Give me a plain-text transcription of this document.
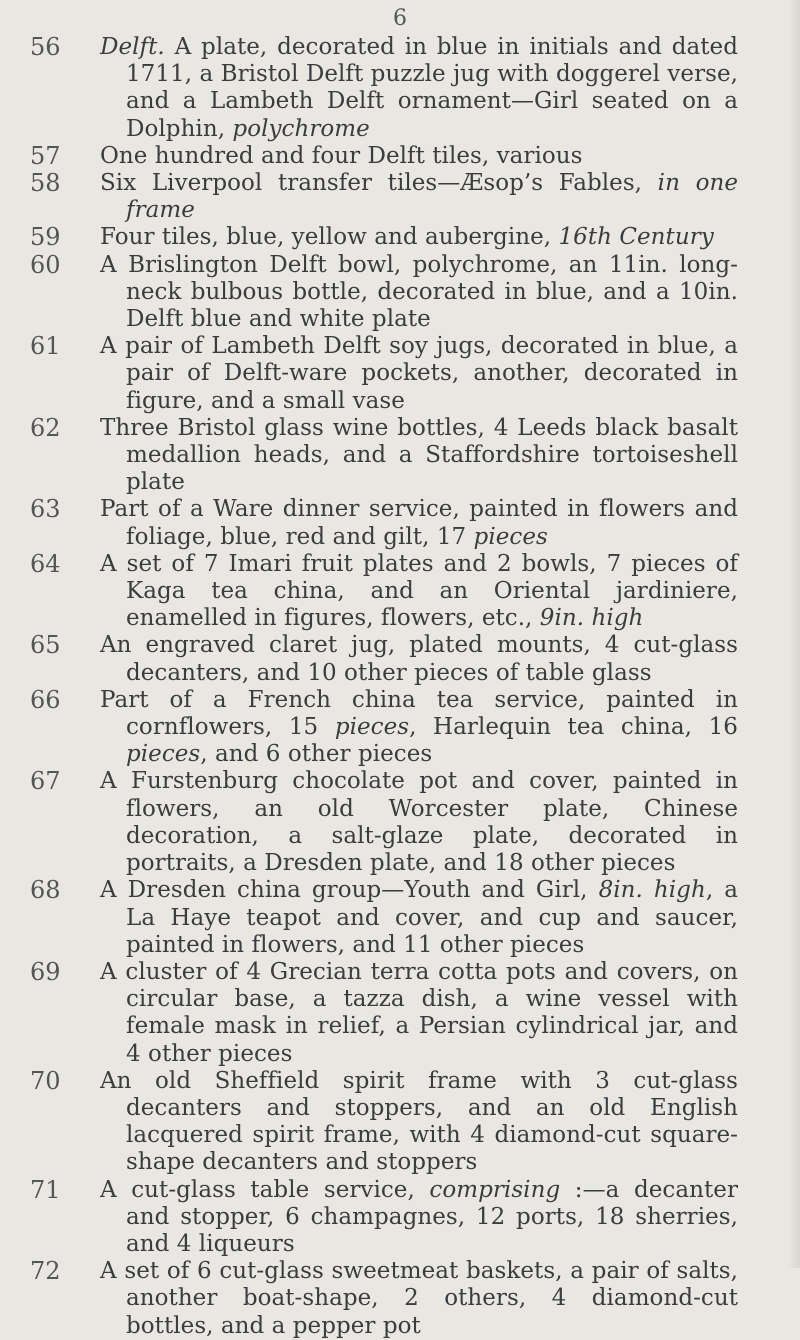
6
56	Delft. A plate, decorated in blue in initials and dated 1711, a Bristol Delft puzzle jug with doggerel verse, and a Lambeth Delft ornament—Girl seated on a Dolphin, polychrome
57	One hundred and four Delft tiles, various
58	Six Liverpool transfer tiles—Æsop’s Fables, in one frame
59	Four tiles, blue, yellow and aubergine, 16th Century
60	A Brislington Delft bowl, polychrome, an 11in. long-neck bulbous bottle, decorated in blue, and a 10in. Delft blue and white plate
61	A pair of Lambeth Delft soy jugs, decorated in blue, a pair of Delft-ware pockets, another, decorated in figure, and a small vase
62	Three Bristol glass wine bottles, 4 Leeds black basalt medallion heads, and a Staffordshire tortoiseshell plate
63	Part of a Ware dinner service, painted in flowers and foliage, blue, red and gilt, 17 pieces
64	A set of 7 Imari fruit plates and 2 bowls, 7 pieces of Kaga tea china, and an Oriental jardiniere, enamelled in figures, flowers, etc., 9in. high
65	An engraved claret jug, plated mounts, 4 cut-glass decanters, and 10 other pieces of table glass
66	Part of a French china tea service, painted in cornflowers, 15 pieces, Harlequin tea china, 16 pieces, and 6 other pieces
67	A Furstenburg chocolate pot and cover, painted in flowers, an old Worcester plate, Chinese decoration, a salt-glaze plate, decorated in portraits, a Dresden plate, and 18 other pieces
68	A Dresden china group—Youth and Girl, 8in. high, a La Haye teapot and cover, and cup and saucer, painted in flowers, and 11 other pieces
69	A cluster of 4 Grecian terra cotta pots and covers, on circular base, a tazza dish, a wine vessel with female mask in relief, a Persian cylindrical jar, and 4 other pieces
70	An old Sheffield spirit frame with 3 cut-glass decanters and stoppers, and an old English lacquered spirit frame, with 4 diamond-cut square-shape decanters and stoppers
71	A cut-glass table service, comprising :—a decanter and stopper, 6 champagnes, 12 ports, 18 sherries, and 4 liqueurs
72	A set of 6 cut-glass sweetmeat baskets, a pair of salts, another boat-shape, 2 others, 4 diamond-cut bottles, and a pepper pot
